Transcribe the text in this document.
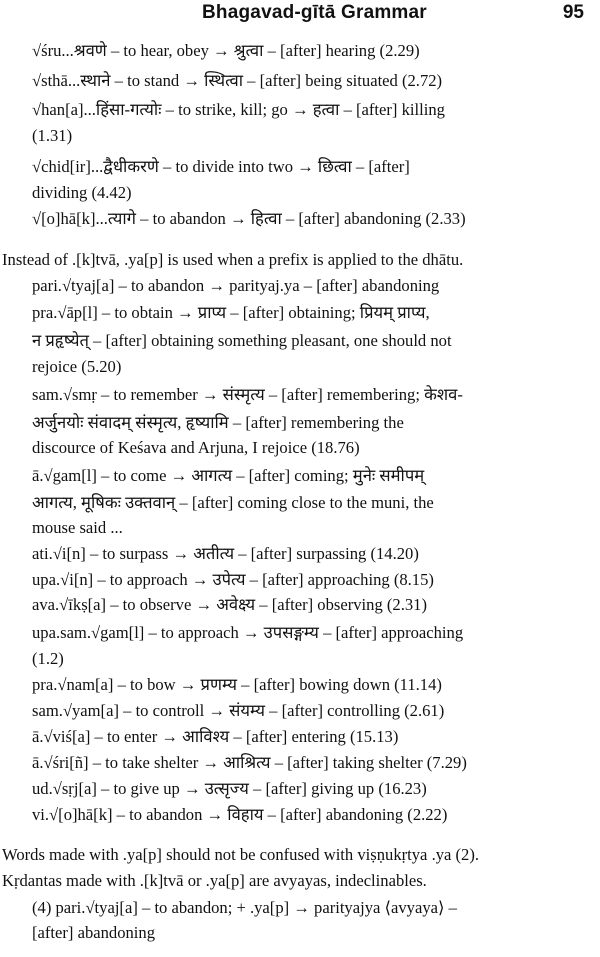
Bhagavad-gītā Grammar	95
√śru...श्रवणे – to hear, obey → श्रुत्वा – [after] hearing (2.29)
√sthā...स्थाने – to stand → स्थित्वा – [after] being situated (2.72)
√han[a]...हिंसा-गत्योः – to strike, kill; go → हत्वा – [after] killing
(1.31)
√chid[ir]...द्वैधीकरणे – to divide into two → छित्वा – [after]
dividing (4.42)
√[o]hā[k]...त्यागे – to abandon → हित्वा – [after] abandoning (2.33)
Instead of .[k]tvā, .ya[p] is used when a prefix is applied to the dhātu.
pari.√tyaj[a] – to abandon → parityaj.ya – [after] abandoning
pra.√āp[l] – to obtain → प्राप्य – [after] obtaining; प्रियम् प्राप्य,
न प्रहृष्येत् – [after] obtaining something pleasant, one should not
rejoice (5.20)
sam.√smṛ – to remember → संस्मृत्य – [after] remembering; केशव-
अर्जुनयोः संवादम् संस्मृत्य, हृष्यामि – [after] remembering the
discource of Keśava and Arjuna, I rejoice (18.76)
ā.√gam[l] – to come → आगत्य – [after] coming; मुनेः समीपम्
आगत्य, मूषिकः उक्तवान् – [after] coming close to the muni, the
mouse said ...
ati.√i[n] – to surpass → अतीत्य – [after] surpassing (14.20)
upa.√i[n] – to approach → उपेत्य – [after] approaching (8.15)
ava.√īkṣ[a] – to observe → अवेक्ष्य – [after] observing (2.31)
upa.sam.√gam[l] – to approach → उपसङ्गम्य – [after] approaching
(1.2)
pra.√nam[a] – to bow → प्रणम्य – [after] bowing down (11.14)
sam.√yam[a] – to controll → संयम्य – [after] controlling (2.61)
ā.√viś[a] – to enter → आविश्य – [after] entering (15.13)
ā.√śri[ñ] – to take shelter → आश्रित्य – [after] taking shelter (7.29)
ud.√sṛj[a] – to give up → उत्सृज्य – [after] giving up (16.23)
vi.√[o]hā[k] – to abandon → विहाय – [after] abandoning (2.22)
Words made with .ya[p] should not be confused with viṣṇukṛtya .ya (2).
Kṛdantas made with .[k]tvā or .ya[p] are avyayas, indeclinables.
(4) pari.√tyaj[a] – to abandon; + .ya[p] → parityajya ⟨avyaya⟩ –
[after] abandoning
